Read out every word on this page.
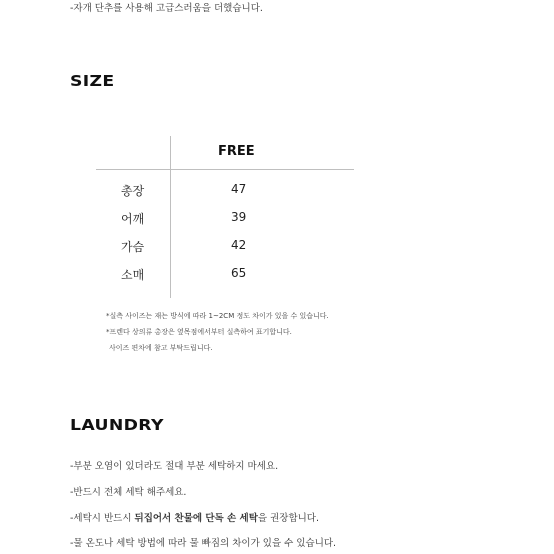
-자개 단추를 사용해 고급스러움을 더했습니다.
SIZE
FREE
총장	47
어깨	39
가슴	42
소매	65
*실측 사이즈는 재는 방식에 따라 1~2CM 정도 차이가 있을 수 있습니다.
*프렌다 상의류 총장은 옆목점에서부터 실측하여 표기합니다.
사이즈 편차에 참고 부탁드립니다.
LAUNDRY
-부분 오염이 있더라도 절대 부분 세탁하지 마세요.
-반드시 전체 세탁 해주세요.
-세탁시 반드시 뒤집어서 찬물에 단독 손 세탁을 권장합니다.
-물 온도나 세탁 방법에 따라 물 빠짐의 차이가 있을 수 있습니다.
